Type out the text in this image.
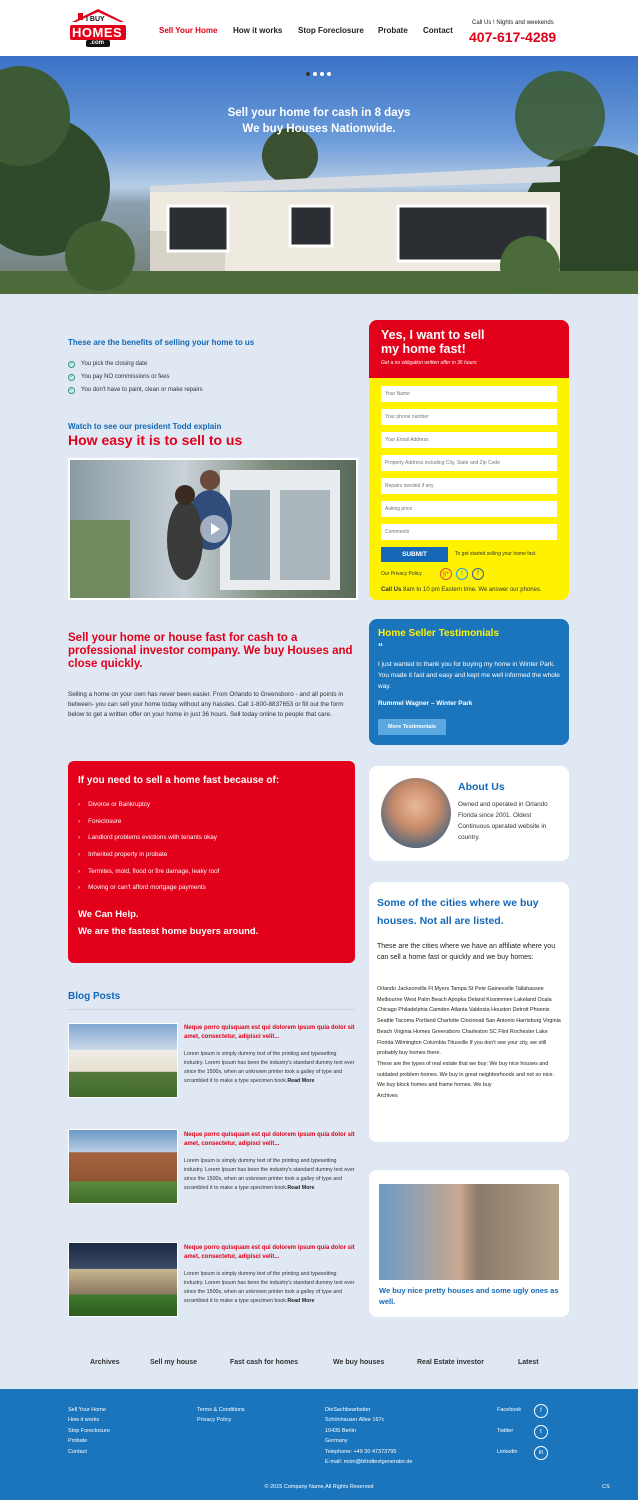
I BUY
HOMES
.com
Sell Your Home How it works Stop Foreclosure Probate Contact
Call Us ! Nights and weekends
407-617-4289
Sell your home for cash in 8 days
We buy Houses Nationwide.
These are the benefits of selling your home to us
✓ You pick the closing date
✓ You pay NO commissions or fees
✓ You don't have to paint, clean or make repairs
Watch to see our president Todd explain
How easy it is to sell to us
Yes, I want to sell
my home fast!
Get a no obligation written offer in 36 hours
Your Name
Your phone number
Your Email Address
Property Address including City, State and Zip Code
Repairs needed if any
Asking price
Comments
SUBMIT	To get started selling your home fast.
Our Privacy Policy	g+	t	f
Call Us 8am to 10 pm Eastern time. We answer our phones.
Sell your home or house fast for cash to a professional investor company. We buy Houses and close quickly.
Selling a home on your own has never been easier. From Orlando to Greensboro - and all points in between- you can sell your home today without any hassles. Call 1-800-8837653 or fill out the form below to get a written offer on your home in just 36 hours. Sell today online to people that care.
Home Seller Testimonials
“
I just wanted to thank you for buying my home in Winter Park. You made it fast and easy and kept me well informed the whole way.
Rummel Wagner – Winter Park
More Testimonials
If you need to sell a home fast because of:
› Divorce or Bankruptcy
› Foreclosure
› Landlord problems evictions with tenants okay
› Inherited property in probate
› Termites, mold, flood or fire damage, leaky roof
› Moving or can't afford mortgage payments
We Can Help.
We are the fastest home buyers around.
About Us
Owned and operated in Orlando Florida since 2001. Oldest Continuous operated website in country.
Some of the cities where we buy houses. Not all are listed.
These are the cities where we have an affiliate where you can sell a home fast or quickly and we buy homes:
Orlando Jacksonville Ft Myers Tampa St Pete Gainesville Tallahassee Melbourne West Palm Beach Apopka Deland Kissimmee Lakeland Ocala Chicago Philadelphia Camden Atlanta Valdosta Houston Detroit Phoenix Seattle Tacoma Portland Charlotte Cincinnati San Antonio Harrisburg Virginia Beach Virginia Homes Greensboro Charleston SC Flint Rochester Lake Florida Wilmington Columbia Titusville If you don't see your city, we still probably buy homes there.
These are the types of real estate that we buy: We buy nice houses and outdated problem homes. We buy in great neighborhoods and not so nice. We buy block homes and frame homes. We buy
Archives
Blog Posts
Neque porro quisquam est qui dolorem ipsum quia dolor sit amet, consectetur, adipisci velit...
Lorem Ipsum is simply dummy text of the printing and typesetting industry. Lorem Ipsum has been the industry's standard dummy text ever since the 1500s, when an unknown printer took a galley of type and scrambled it to make a type specimen book.Read More
Neque porro quisquam est qui dolorem ipsum quia dolor sit amet, consectetur, adipisci velit...
Lorem Ipsum is simply dummy text of the printing and typesetting industry. Lorem Ipsum has been the industry's standard dummy text ever since the 1500s, when an unknown printer took a galley of type and scrambled it to make a type specimen book.Read More
Neque porro quisquam est qui dolorem ipsum quia dolor sit amet, consectetur, adipisci velit...
Lorem Ipsum is simply dummy text of the printing and typesetting industry. Lorem Ipsum has been the industry's standard dummy text ever since the 1500s, when an unknown printer took a galley of type and scrambled it to make a type specimen book.Read More
We buy nice pretty houses and some ugly ones as well.
Archives	Sell my house	Fast cash for homes	We buy houses	Real Estate investor	Latest
Sell Your Home
How it works
Stop Foreclosure
Probate
Contact
Terms & Conditions
Privacy Policy
DieSachbearbeiter
Schönhauser Allee 167c
10435 Berlin
Germany
Telephone: +49 30 47373795
E-mail: moin@blindtextgenerator.de
Facebook	f
Twitter	t
Linkedin	in
© 2015 Company Name,All Rights Reserved	CS
